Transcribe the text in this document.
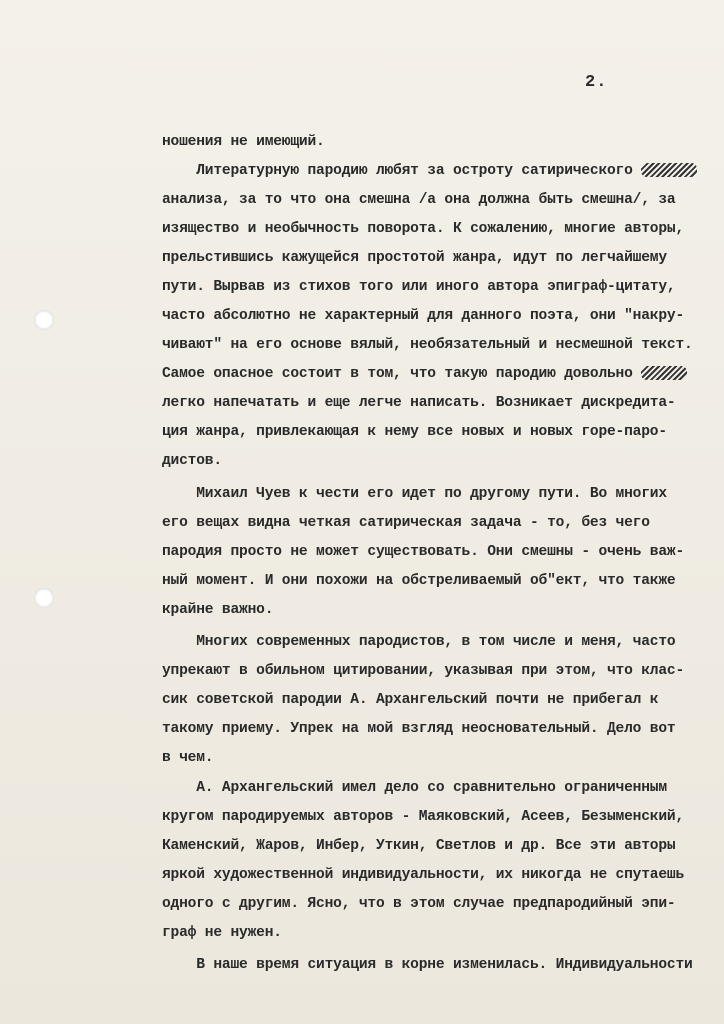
2.
ношения не имеющий.
Литературную пародию любят за остроту сатирического
анализа, за то что она смешна /а она должна быть смешна/, за
изящество и необычность поворота. К сожалению, многие авторы,
прельстившись кажущейся простотой жанра, идут по легчайшему
пути. Вырвав из стихов того или иного автора эпиграф-цитату,
часто абсолютно не характерный для данного поэта, они "накру-
чивают" на его основе вялый, необязательный и несмешной текст.
Самое опасное состоит в том, что такую пародию довольно
легко напечатать и еще легче написать. Возникает дискредита-
ция жанра, привлекающая к нему все новых и новых горе-паро-
дистов.
Михаил Чуев к чести его идет по другому пути. Во многих
его вещах видна четкая сатирическая задача - то, без чего
пародия просто не может существовать. Они смешны - очень важ-
ный момент. И они похожи на обстреливаемый об"ект, что также
крайне важно.
Многих современных пародистов, в том числе и меня, часто
упрекают в обильном цитировании, указывая при этом, что клас-
сик советской пародии А. Архангельский почти не прибегал к
такому приему. Упрек на мой взгляд неосновательный. Дело вот
в чем.
А. Архангельский имел дело со сравнительно ограниченным
кругом пародируемых авторов - Маяковский, Асеев, Безыменский,
Каменский, Жаров, Инбер, Уткин, Светлов и др. Все эти авторы
яркой художественной индивидуальности, их никогда не спутаешь
одного с другим. Ясно, что в этом случае предпародийный эпи-
граф не нужен.
В наше время ситуация в корне изменилась. Индивидуальности
